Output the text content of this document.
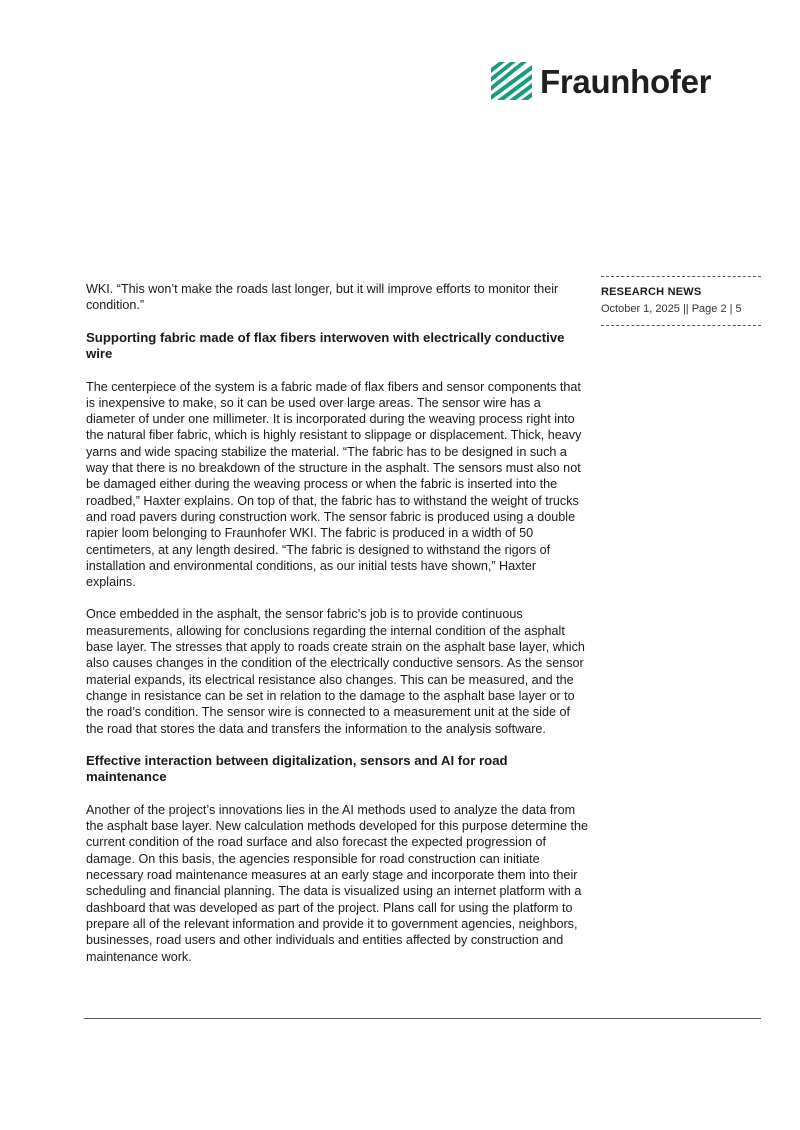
Fraunhofer
RESEARCH NEWS
October 1, 2025 || Page 2 | 5

WKI. “This won’t make the roads last longer, but it will improve efforts to monitor their condition.”

Supporting fabric made of flax fibers interwoven with electrically conductive wire

The centerpiece of the system is a fabric made of flax fibers and sensor components that is inexpensive to make, so it can be used over large areas. The sensor wire has a diameter of under one millimeter. It is incorporated during the weaving process right into the natural fiber fabric, which is highly resistant to slippage or displacement. Thick, heavy yarns and wide spacing stabilize the material. “The fabric has to be designed in such a way that there is no breakdown of the structure in the asphalt. The sensors must also not be damaged either during the weaving process or when the fabric is inserted into the roadbed,” Haxter explains. On top of that, the fabric has to withstand the weight of trucks and road pavers during construction work. The sensor fabric is produced using a double rapier loom belonging to Fraunhofer WKI. The fabric is produced in a width of 50 centimeters, at any length desired. “The fabric is designed to withstand the rigors of installation and environmental conditions, as our initial tests have shown,” Haxter explains.

Once embedded in the asphalt, the sensor fabric’s job is to provide continuous measurements, allowing for conclusions regarding the internal condition of the asphalt base layer. The stresses that apply to roads create strain on the asphalt base layer, which also causes changes in the condition of the electrically conductive sensors. As the sensor material expands, its electrical resistance also changes. This can be measured, and the change in resistance can be set in relation to the damage to the asphalt base layer or to the road’s condition. The sensor wire is connected to a measurement unit at the side of the road that stores the data and transfers the information to the analysis software.

Effective interaction between digitalization, sensors and AI for road maintenance

Another of the project’s innovations lies in the AI methods used to analyze the data from the asphalt base layer. New calculation methods developed for this purpose determine the current condition of the road surface and also forecast the expected progression of damage. On this basis, the agencies responsible for road construction can initiate necessary road maintenance measures at an early stage and incorporate them into their scheduling and financial planning. The data is visualized using an internet platform with a dashboard that was developed as part of the project. Plans call for using the platform to prepare all of the relevant information and provide it to government agencies, neighbors, businesses, road users and other individuals and entities affected by construction and maintenance work.
